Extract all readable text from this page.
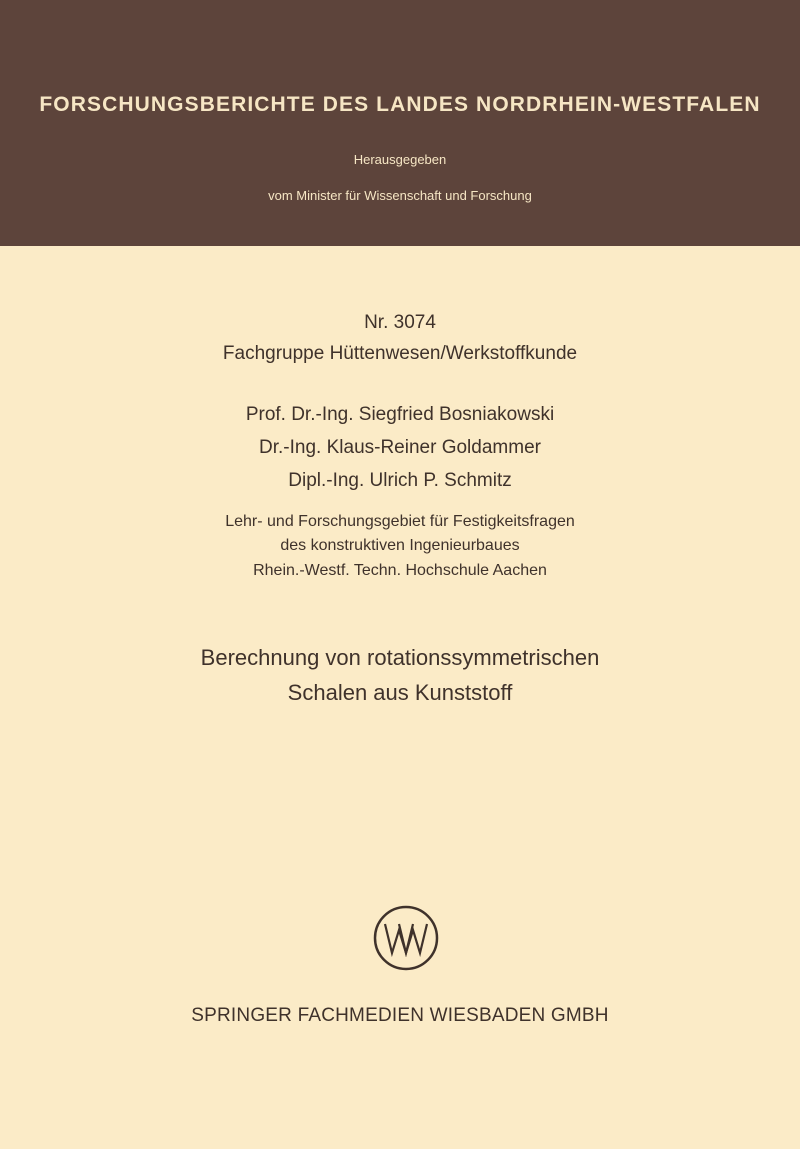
FORSCHUNGSBERICHTE DES LANDES NORDRHEIN-WESTFALEN
Herausgegeben
vom Minister für Wissenschaft und Forschung
Nr. 3074
Fachgruppe Hüttenwesen/Werkstoffkunde
Prof. Dr.-Ing. Siegfried Bosniakowski
Dr.-Ing. Klaus-Reiner Goldammer
Dipl.-Ing. Ulrich P. Schmitz
Lehr- und Forschungsgebiet für Festigkeitsfragen
des konstruktiven Ingenieurbaues
Rhein.-Westf. Techn. Hochschule Aachen
Berechnung von rotationssymmetrischen
Schalen aus Kunststoff
SPRINGER FACHMEDIEN WIESBADEN GMBH
